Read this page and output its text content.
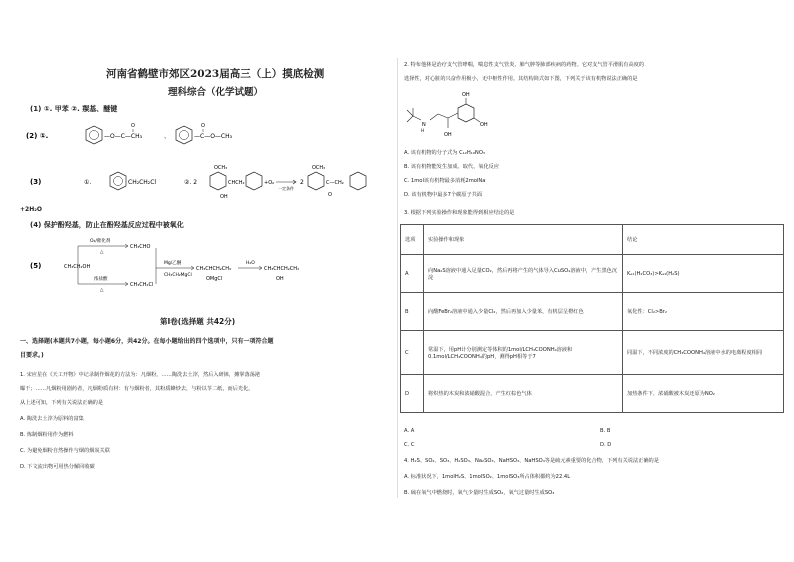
河南省鹤壁市郊区2023届高三（上）摸底检测
理科综合（化学试题）
(1) ①. 甲苯 ②. 羰基、醚键
(2) ①.	—O—C—CH₃
O
、	—C—O—CH₃
O
(3)	①.	CH₂CH₂Cl	②. 2
OCH₃
CHCH₂
OH
+O₂
一定条件
2
OCH₃
C—CH₂
O
+2H₂O
(4) 保护酚羟基，防止在酚羟基反应过程中被氧化
(5)	CH₃CH₂OH
O₂/催化剂
△
CH₃CHO
浓盐酸
△
CH₃CH₂Cl
Mg/乙醚
CH₃CH₂MgCl
CH₃CHCH₂CH₃
OMgCl
H₂O
CH₃CHCH₂CH₃
OH
第Ⅰ卷(选择题 共42分)
一、选择题(本题共7小题，每小题6分，共42分。在每小题给出的四个选项中，只有一项符合题
目要求。)
1. 宋应星在《天工开物》中记录制作烟花的方法为：凡烟粉，……陶洗去土滓，然后入研钵，摊掌落荡泌
曝干；……凡烟粉用剧药者，凡烟粉质有材：有与烟粉者，其粉质蜂炒去，与粉以苓二纸，而后光化。
从上述可知，下列有关说法正确的是
A. 陶洗去土滓为原料的富集
B. 炼制烟粉用作为燃料
C. 为避免烟粉自然操作与烟的烟炭关联
D. 下文流出物可用热分解回收碳
2. 特布他林是治疗支气管哮喘，喘息性支气管炎，肺气肿等肺部疾病的药物。它对支气管平滑肌有高度的
选择性，对心脏的兴奋作用极小，无中枢性作用。其结构简式如下图，下列关于该有机物说法正确的是
OH
OH
OH
N
H
A. 该有机物的分子式为 C₁₂H₁₉NO₃
B. 该有机物能发生加成、取代、氧化反应
C. 1mol该有机物最多消耗2molNa
D. 该有机物中最多7个碳原子共面
3. 根据下列实验操作和现象能得到相应结论的是
选项	实验操作和现象	结论

A	向Na₂S溶液中通入足量CO₂，然后再将产生的气体导入CuSO₄溶液中，产生黑色沉淀	Kₐ₁(H₂CO₃)>Kₐ₁(H₂S)

B	向酸FeBr₂溶液中通入少量Cl₂，然后再加入少量苯，有机层呈橙红色	氧化性：Cl₂>Br₂

C	常温下，用pH计分别测定等体积的1mol/LCH₃COONH₄溶液和0.1mol/LCH₃COONH₄的pH，测得pH相等于7	同温下，不同浓度的CH₃COONH₄溶液中水的电离程度相同

D	将炽热的木炭和浓硝酸混合，产生红棕色气体	加热条件下，浓硝酸被木炭还原为NO₂
A. A	B. B
C. C	D. D
4. H₂S、SO₂、SO₃、H₂SO₃、Na₂SO₃、NaHSO₃、NaHSO₄等是硫元素重要的化合物，下列有关说法正确的是
A. 标准状况下，1molH₂S、1molSO₂、1molSO₃所占体积都约为22.4L
B. 硫在氧气中燃烧时，氧气少量时生成SO₂，氧气过量时生成SO₃
